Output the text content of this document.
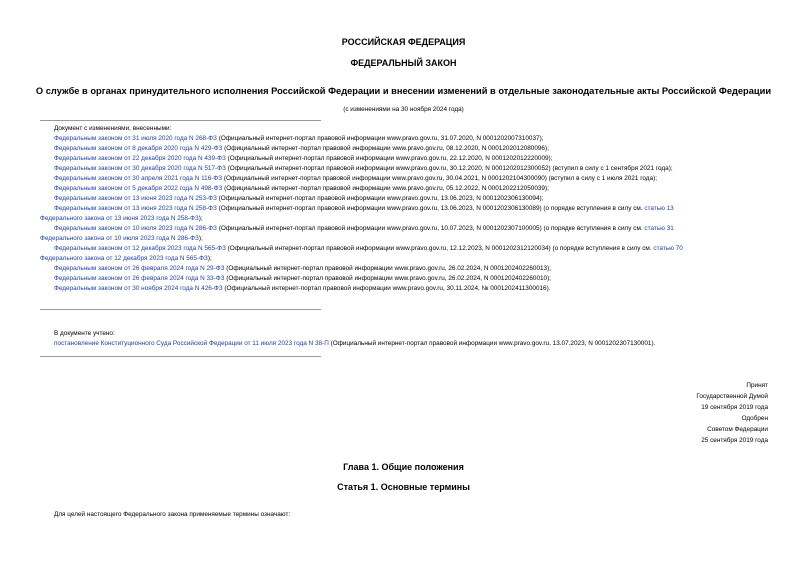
РОССИЙСКАЯ ФЕДЕРАЦИЯ
ФЕДЕРАЛЬНЫЙ ЗАКОН
О службе в органах принудительного исполнения Российской Федерации и внесении изменений в отдельные законодательные акты Российской Федерации
(с изменениями на 30 ноября 2024 года)
Документ с изменениями, внесенными:
Федеральным законом от 31 июля 2020 года N 268-ФЗ (Официальный интернет-портал правовой информации www.pravo.gov.ru, 31.07.2020, N 0001202007310037);
Федеральным законом от 8 декабря 2020 года N 429-ФЗ (Официальный интернет-портал правовой информации www.pravo.gov.ru, 08.12.2020, N 0001202012080096);
Федеральным законом от 22 декабря 2020 года N 439-ФЗ (Официальный интернет-портал правовой информации www.pravo.gov.ru, 22.12.2020, N 0001202012220009);
Федеральным законом от 30 декабря 2020 года N 517-ФЗ (Официальный интернет-портал правовой информации www.pravo.gov.ru, 30.12.2020, N 0001202012300052) (вступил в силу с 1 сентября 2021 года);
Федеральным законом от 30 апреля 2021 года N 116-ФЗ (Официальный интернет-портал правовой информации www.pravo.gov.ru, 30.04.2021, N 0001202104300090) (вступил в силу с 1 июля 2021 года);
Федеральным законом от 5 декабря 2022 года N 498-ФЗ (Официальный интернет-портал правовой информации www.pravo.gov.ru, 05.12.2022, N 0001202212050039);
Федеральным законом от 13 июня 2023 года N 253-ФЗ (Официальный интернет-портал правовой информации www.pravo.gov.ru, 13.06.2023, N 0001202306130094);
Федеральным законом от 13 июня 2023 года N 258-ФЗ (Официальный интернет-портал правовой информации www.pravo.gov.ru, 13.06.2023, N 0001202306130089) (о порядке вступления в силу см. статью 13
Федерального закона от 13 июня 2023 года N 258-ФЗ);
Федеральным законом от 10 июля 2023 года N 286-ФЗ (Официальный интернет-портал правовой информации www.pravo.gov.ru, 10.07.2023, N 0001202307100005) (о порядке вступления в силу см. статью 31
Федерального закона от 10 июля 2023 года N 286-ФЗ);
Федеральным законом от 12 декабря 2023 года N 565-ФЗ (Официальный интернет-портал правовой информации www.pravo.gov.ru, 12.12.2023, N 0001202312120034) (о порядке вступления в силу см. статью 70
Федерального закона от 12 декабря 2023 года N 565-ФЗ);
Федеральным законом от 26 февраля 2024 года N 29-ФЗ (Официальный интернет-портал правовой информации www.pravo.gov.ru, 26.02.2024, N 0001202402260013);
Федеральным законом от 26 февраля 2024 года N 33-ФЗ (Официальный интернет-портал правовой информации www.pravo.gov.ru, 26.02.2024, N 0001202402260010);
Федеральным законом от 30 ноября 2024 года N 426-ФЗ (Официальный интернет-портал правовой информации www.pravo.gov.ru, 30.11.2024, № 0001202411300016).
В документе учтено:
постановление Конституционного Суда Российской Федерации от 11 июля 2023 года N 38-П (Официальный интернет-портал правовой информации www.pravo.gov.ru, 13.07.2023, N 0001202307130001).
Принят
Государственной Думой
19 сентября 2019 года
Одобрен
Советом Федерации
25 сентября 2019 года
Глава 1. Общие положения
Статья 1. Основные термины
Для целей настоящего Федерального закона применяемые термины означают:
